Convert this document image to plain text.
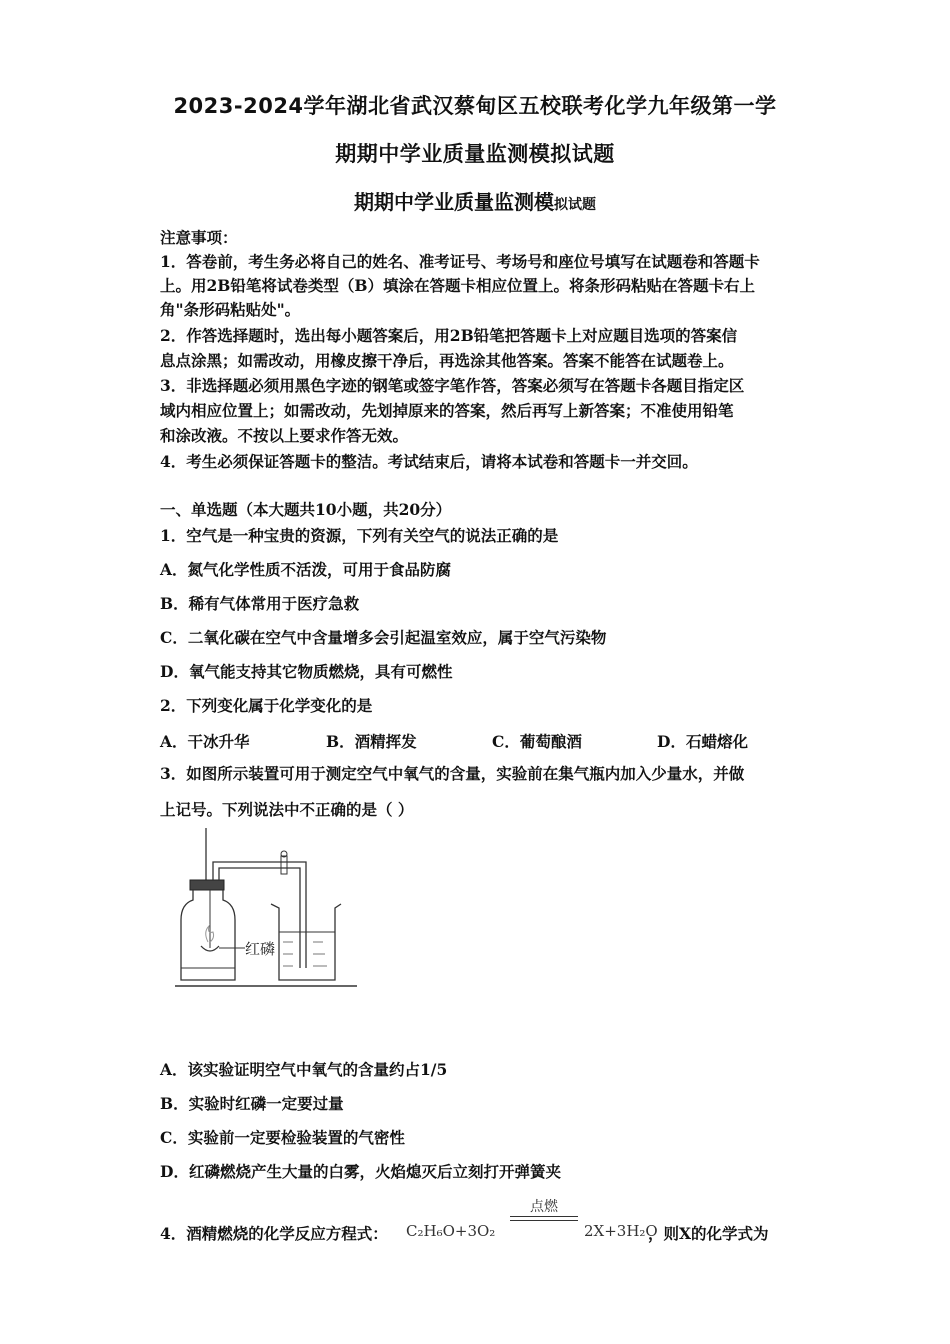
2023-2024学年湖北省武汉蔡甸区五校联考化学九年级第一学
期期中学业质量监测模拟试题
期期中学业质量监测模拟试题
注意事项：
1．答卷前，考生务必将自己的姓名、准考证号、考场号和座位号填写在试题卷和答题卡
上。用2B铅笔将试卷类型（B）填涂在答题卡相应位置上。将条形码粘贴在答题卡右上
角"条形码粘贴处"。
2．作答选择题时，选出每小题答案后，用2B铅笔把答题卡上对应题目选项的答案信
息点涂黑；如需改动，用橡皮擦干净后，再选涂其他答案。答案不能答在试题卷上。
3．非选择题必须用黑色字迹的钢笔或签字笔作答，答案必须写在答题卡各题目指定区
域内相应位置上；如需改动，先划掉原来的答案，然后再写上新答案；不准使用铅笔
和涂改液。不按以上要求作答无效。
4．考生必须保证答题卡的整洁。考试结束后，请将本试卷和答题卡一并交回。
一、单选题（本大题共10小题，共20分）
1．空气是一种宝贵的资源，下列有关空气的说法正确的是
A．氮气化学性质不活泼，可用于食品防腐
B．稀有气体常用于医疗急救
C．二氧化碳在空气中含量增多会引起温室效应，属于空气污染物
D．氧气能支持其它物质燃烧，具有可燃性
2．下列变化属于化学变化的是
A．干冰升华	B．酒精挥发	C．葡萄酿酒	D．石蜡熔化
3．如图所示装置可用于测定空气中氧气的含量，实验前在集气瓶内加入少量水，并做
上记号。下列说法中不正确的是（ ）
红磷
A．该实验证明空气中氧气的含量约占1/5
B．实验时红磷一定要过量
C．实验前一定要检验装置的气密性
D．红磷燃烧产生大量的白雾，火焰熄灭后立刻打开弹簧夹
4．酒精燃烧的化学反应方程式： C₂H₆O+3O₂
点燃
2X+3H₂O
，则X的化学式为
